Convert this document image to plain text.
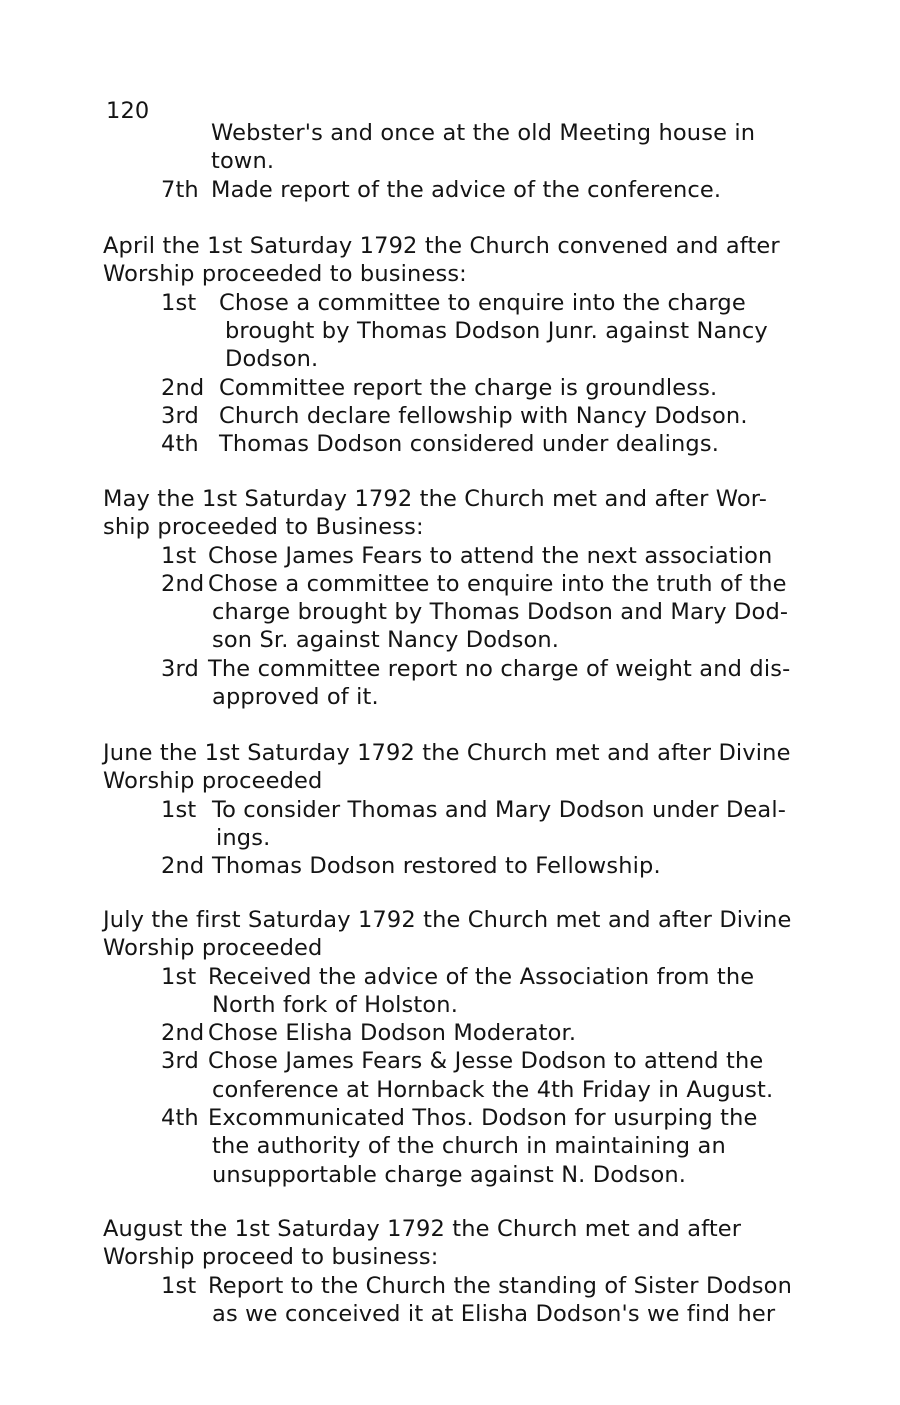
120
Webster's and once at the old Meeting house in
town.
7th Made report of the advice of the conference.
April the 1st Saturday 1792 the Church convened and after
Worship proceeded to business:
1st Chose a committee to enquire into the charge
brought by Thomas Dodson Junr. against Nancy
Dodson.
2nd Committee report the charge is groundless.
3rd Church declare fellowship with Nancy Dodson.
4th Thomas Dodson considered under dealings.
May the 1st Saturday 1792 the Church met and after Wor-
ship proceeded to Business:
1st Chose James Fears to attend the next association
2nd Chose a committee to enquire into the truth of the
charge brought by Thomas Dodson and Mary Dod-
son Sr. against Nancy Dodson.
3rd The committee report no charge of weight and dis-
approved of it.
June the 1st Saturday 1792 the Church met and after Divine
Worship proceeded
1st To consider Thomas and Mary Dodson under Deal-
ings.
2nd Thomas Dodson restored to Fellowship.
July the first Saturday 1792 the Church met and after Divine
Worship proceeded
1st Received the advice of the Association from the
North fork of Holston.
2nd Chose Elisha Dodson Moderator.
3rd Chose James Fears & Jesse Dodson to attend the
conference at Hornback the 4th Friday in August.
4th Excommunicated Thos. Dodson for usurping the
the authority of the church in maintaining an
unsupportable charge against N. Dodson.
August the 1st Saturday 1792 the Church met and after
Worship proceed to business:
1st Report to the Church the standing of Sister Dodson
as we conceived it at Elisha Dodson's we find her
